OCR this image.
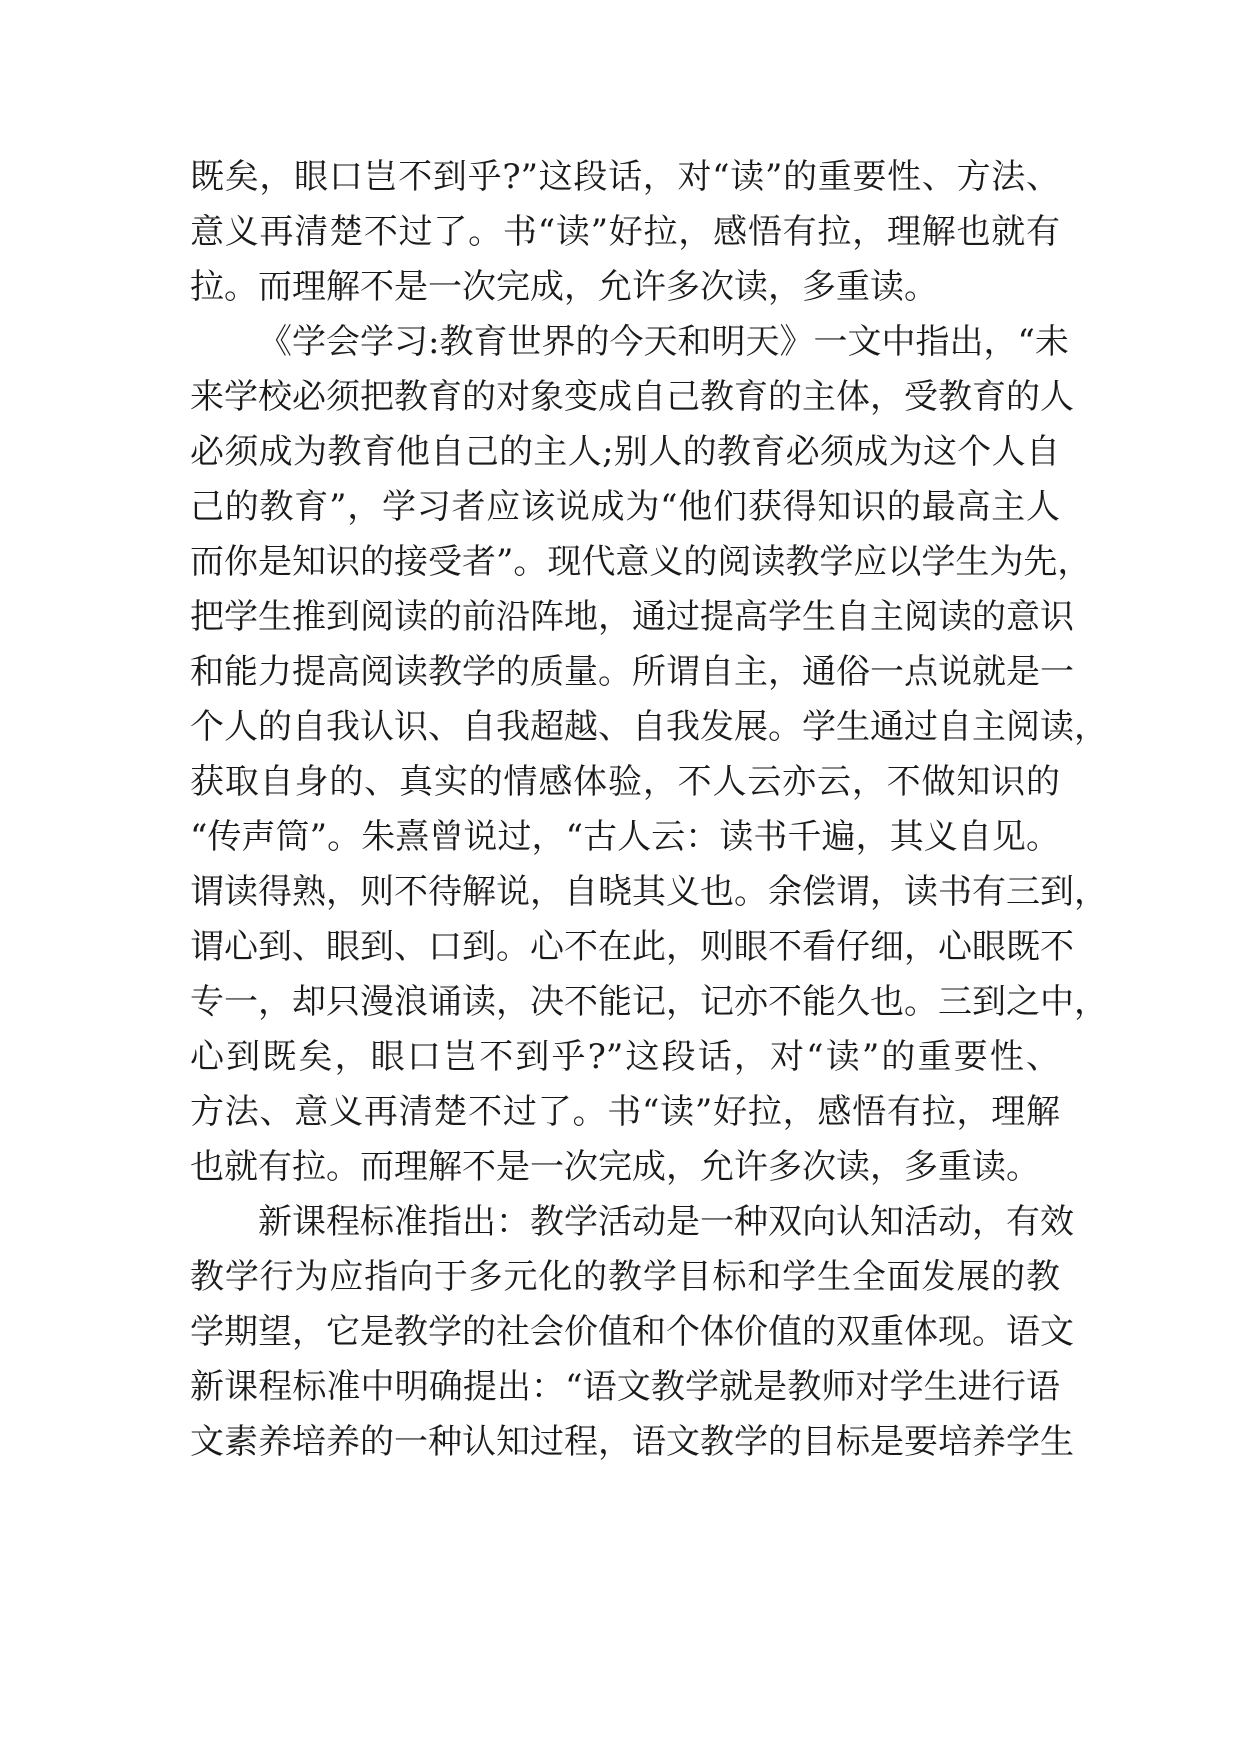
既矣，眼口岂不到乎?”这段话，对“读”的重要性、方法、
意义再清楚不过了。书“读”好拉，感悟有拉，理解也就有
拉。而理解不是一次完成，允许多次读，多重读。
《学会学习:教育世界的今天和明天》一文中指出，“未
来学校必须把教育的对象变成自己教育的主体，受教育的人
必须成为教育他自己的主人;别人的教育必须成为这个人自
己的教育”，学习者应该说成为“他们获得知识的最高主人
而你是知识的接受者”。现代意义的阅读教学应以学生为先，
把学生推到阅读的前沿阵地，通过提高学生自主阅读的意识
和能力提高阅读教学的质量。所谓自主，通俗一点说就是一
个人的自我认识、自我超越、自我发展。学生通过自主阅读，
获取自身的、真实的情感体验，不人云亦云，不做知识的
“传声筒”。朱熹曾说过，“古人云：读书千遍，其义自见。
谓读得熟，则不待解说，自晓其义也。余偿谓，读书有三到，
谓心到、眼到、口到。心不在此，则眼不看仔细，心眼既不
专一，却只漫浪诵读，决不能记，记亦不能久也。三到之中，
心到既矣，眼口岂不到乎?”这段话，对“读”的重要性、
方法、意义再清楚不过了。书“读”好拉，感悟有拉，理解
也就有拉。而理解不是一次完成，允许多次读，多重读。
新课程标准指出：教学活动是一种双向认知活动，有效
教学行为应指向于多元化的教学目标和学生全面发展的教
学期望，它是教学的社会价值和个体价值的双重体现。语文
新课程标准中明确提出：“语文教学就是教师对学生进行语
文素养培养的一种认知过程，语文教学的目标是要培养学生
